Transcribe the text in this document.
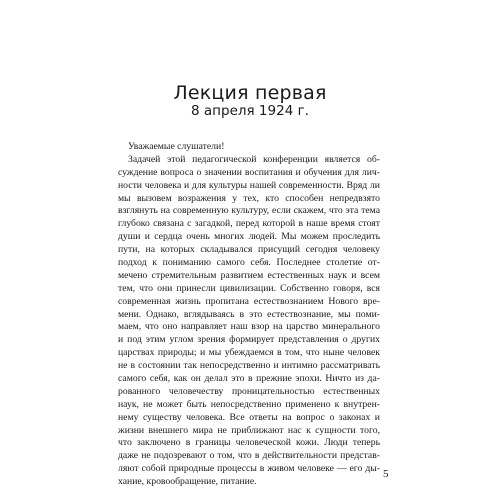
Лекция первая
8 апреля 1924 г.
Уважаемые слушатели!
Задачей этой педагогической конференции является об-
суждение вопроса о значении воспитания и обучения для лич-
ности человека и для культуры нашей современности. Вряд ли
мы вызовем возражения у тех, кто способен непредвзято
взглянуть на современную культуру, если скажем, что эта тема
глубоко связана с загадкой, перед которой в наше время стоят
души и сердца очень многих людей. Мы можем проследить
пути, на которых складывался присущий сегодня человеку
подход к пониманию самого себя. Последнее столетие от-
мечено стремительным развитием естественных наук и всем
тем, что они принесли цивилизации. Собственно говоря, вся
современная жизнь пропитана естествознанием Нового вре-
мени. Однако, вглядываясь в это естествознание, мы поми-
маем, что оно направляет наш взор на царство минерального
и под этим углом зрения формирует представления о других
царствах природы; и мы убеждаемся в том, что ныне человек
не в состоянии так непосредственно и интимно рассматривать
самого себя, как он делал это в прежние эпохи. Ничто из да-
рованного человечеству проницательностью естественных
наук, не может быть непосредственно применено к внутрен-
нему существу человека. Все ответы на вопрос о законах и
жизни внешнего мира не приближают нас к сущности того,
что заключено в границы человеческой кожи. Люди теперь
даже не подозревают о том, что в действительности представ-
ляют собой природные процессы в живом человеке — его ды-
хание, кровообращение, питание.
5
